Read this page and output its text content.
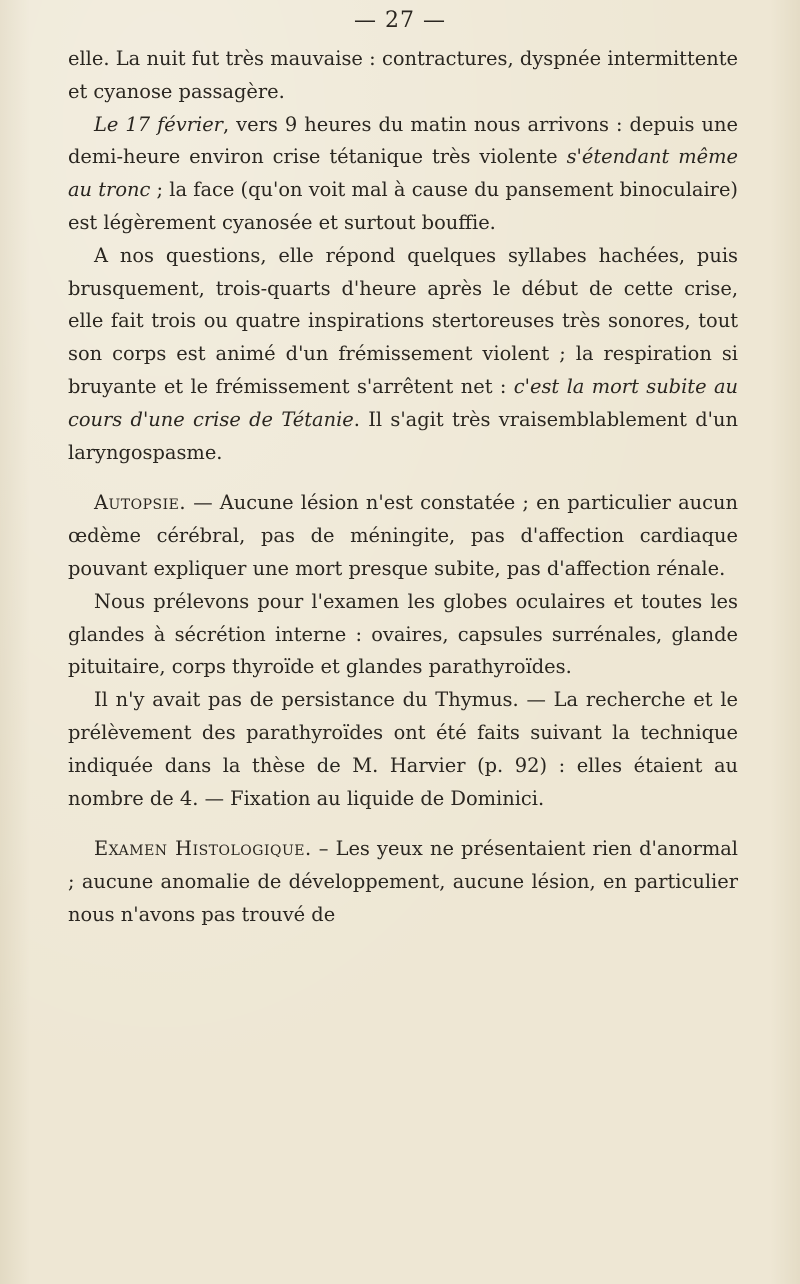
— 27 —

elle. La nuit fut très mauvaise : contractures, dyspnée intermittente et cyanose passagère.

Le 17 février, vers 9 heures du matin nous arrivons : depuis une demi-heure environ crise tétanique très violente s'étendant même au tronc ; la face (qu'on voit mal à cause du pansement binoculaire) est légèrement cyanosée et surtout bouffie.

A nos questions, elle répond quelques syllabes hachées, puis brusquement, trois-quarts d'heure après le début de cette crise, elle fait trois ou quatre inspirations stertoreuses très sonores, tout son corps est animé d'un frémissement violent ; la respiration si bruyante et le frémissement s'arrêtent net : c'est la mort subite au cours d'une crise de Tétanie. Il s'agit très vraisemblablement d'un laryngospasme.

Autopsie. — Aucune lésion n'est constatée ; en particulier aucun œdème cérébral, pas de méningite, pas d'affection cardiaque pouvant expliquer une mort presque subite, pas d'affection rénale.

Nous prélevons pour l'examen les globes oculaires et toutes les glandes à sécrétion interne : ovaires, capsules surrénales, glande pituitaire, corps thyroïde et glandes parathyroïdes.

Il n'y avait pas de persistance du Thymus. — La recherche et le prélèvement des parathyroïdes ont été faits suivant la technique indiquée dans la thèse de M. Harvier (p. 92) : elles étaient au nombre de 4. — Fixation au liquide de Dominici.

Examen Histologique. – Les yeux ne présentaient rien d'anormal ; aucune anomalie de développement, aucune lésion, en particulier nous n'avons pas trouvé de
